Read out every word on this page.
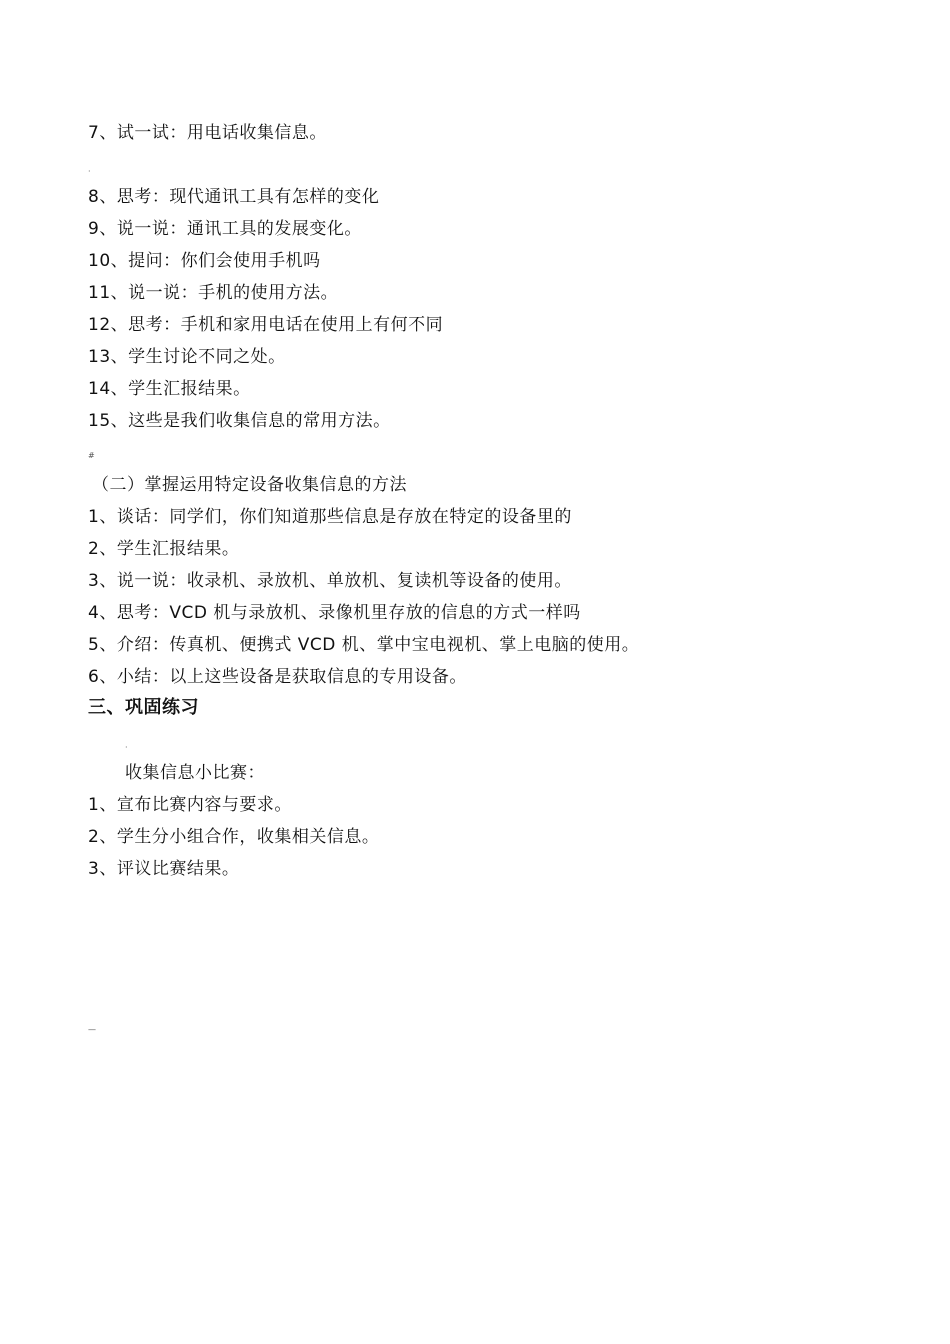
7、试一试：用电话收集信息。
·
8、思考：现代通讯工具有怎样的变化
9、说一说：通讯工具的发展变化。
10、提问：你们会使用手机吗
11、说一说：手机的使用方法。
12、思考：手机和家用电话在使用上有何不同
13、学生讨论不同之处。
14、学生汇报结果。
15、这些是我们收集信息的常用方法。
#
（二）掌握运用特定设备收集信息的方法
1、谈话：同学们，你们知道那些信息是存放在特定的设备里的
2、学生汇报结果。
3、说一说：收录机、录放机、单放机、复读机等设备的使用。
4、思考：VCD 机与录放机、录像机里存放的信息的方式一样吗
5、介绍：传真机、便携式 VCD 机、掌中宝电视机、掌上电脑的使用。
6、小结：以上这些设备是获取信息的专用设备。
三、巩固练习
·
收集信息小比赛：
1、宣布比赛内容与要求。
2、学生分小组合作，收集相关信息。
3、评议比赛结果。
—
